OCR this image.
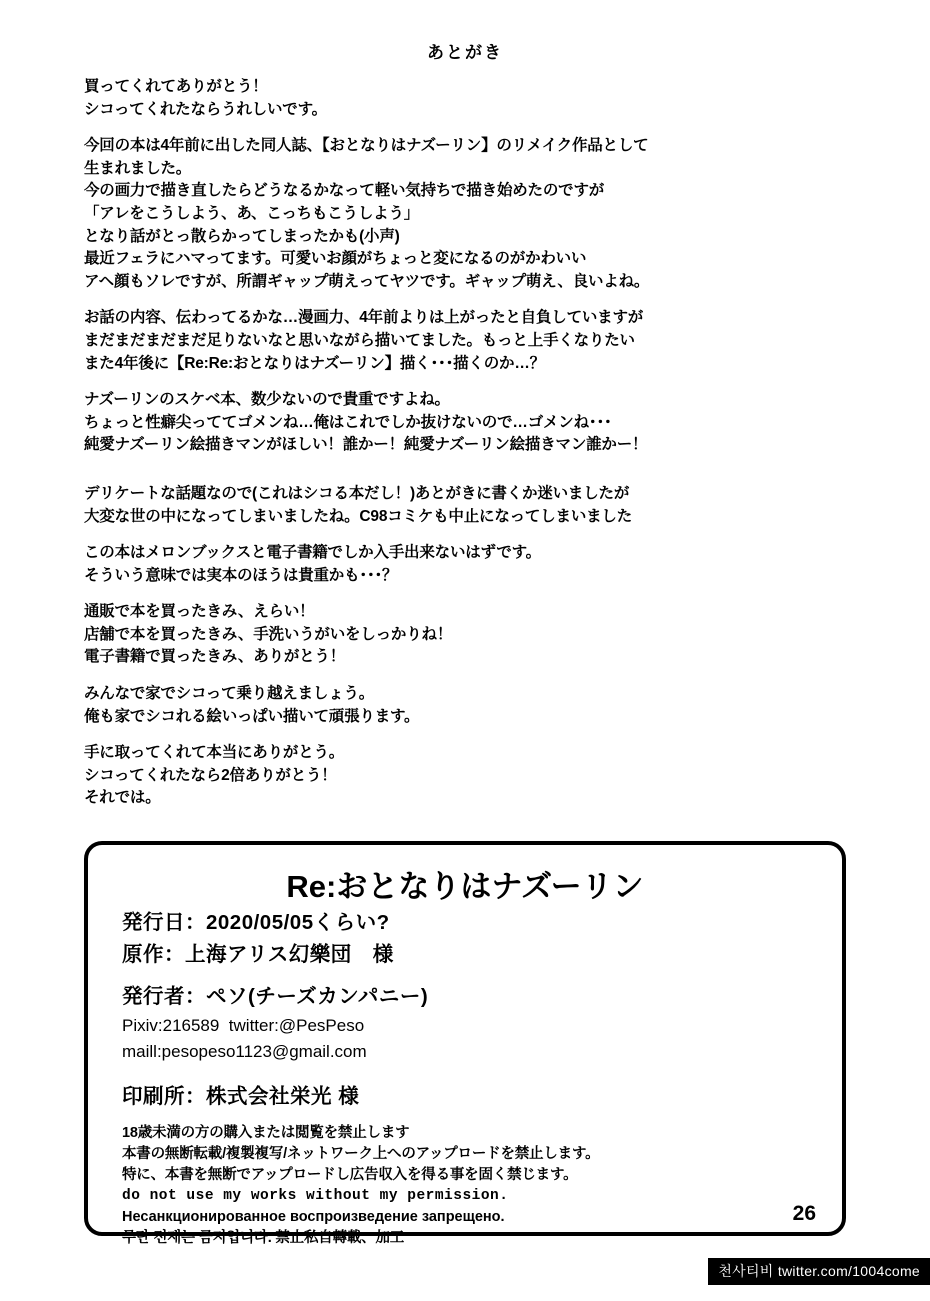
あとがき
買ってくれてありがとう！
シコってくれたならうれしいです。
今回の本は4年前に出した同人誌、【おとなりはナズーリン】のリメイク作品として
生まれました。
今の画力で描き直したらどうなるかなって軽い気持ちで描き始めたのですが
「アレをこうしよう、あ、こっちもこうしよう」
となり話がとっ散らかってしまったかも(小声)
最近フェラにハマってます。可愛いお顔がちょっと変になるのがかわいい
アヘ顔もソレですが、所謂ギャップ萌えってヤツです。ギャップ萌え、良いよね。
お話の内容、伝わってるかな…漫画力、4年前よりは上がったと自負していますが
まだまだまだまだ足りないなと思いながら描いてました。もっと上手くなりたい
また4年後に【Re:Re:おとなりはナズーリン】描く･･･描くのか…？
ナズーリンのスケベ本、数少ないので貴重ですよね。
ちょっと性癖尖っててゴメンね…俺はこれでしか抜けないので…ゴメンね･･･
純愛ナズーリン絵描きマンがほしい！誰かー！純愛ナズーリン絵描きマン誰かー！
デリケートな話題なので(これはシコる本だし！)あとがきに書くか迷いましたが
大変な世の中になってしまいましたね。C98コミケも中止になってしまいました
この本はメロンブックスと電子書籍でしか入手出来ないはずです。
そういう意味では実本のほうは貴重かも･･･？
通販で本を買ったきみ、えらい！
店舗で本を買ったきみ、手洗いうがいをしっかりね！
電子書籍で買ったきみ、ありがとう！
みんなで家でシコって乗り越えましょう。
俺も家でシコれる絵いっぱい描いて頑張ります。
手に取ってくれて本当にありがとう。
シコってくれたなら2倍ありがとう！
それでは。
Re:おとなりはナズーリン
発行日：2020/05/05くらい?
原作：上海アリス幻樂団　様
発行者：ペソ(チーズカンパニー)
Pixiv:216589  twitter:@PesPeso
maill:pesopeso1123@gmail.com
印刷所：株式会社栄光 様
18歳未満の方の購入または閲覧を禁止します
本書の無断転載/複製複写/ネットワーク上へのアップロードを禁止します。
特に、本書を無断でアップロードし広告収入を得る事を固く禁じます。
do not use my works without my permission.
Несанкционированное воспроизведение запрещено.
무단 전재는 금지입니다. 禁止私自轉載、加工
26
천사티비 twitter.com/1004come
